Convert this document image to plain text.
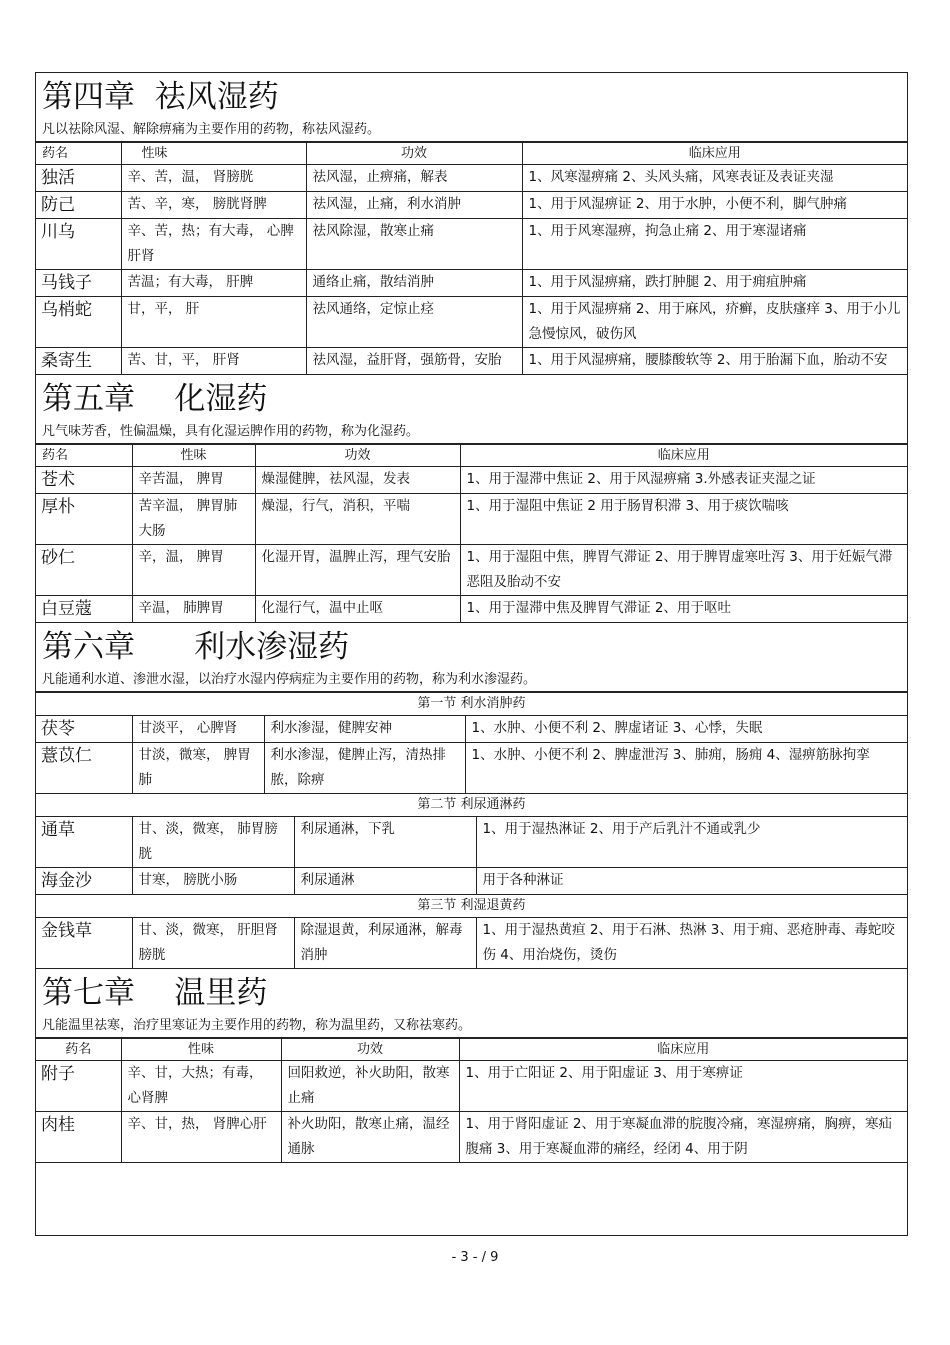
第四章  祛风湿药
凡以祛除风湿、解除痹痛为主要作用的药物，称祛风湿药。
药名	性味	功效	临床应用
独活	辛、苦，温， 肾膀胱	祛风湿，止痹痛，解表	1、风寒湿痹痛 2、头风头痛，风寒表证及表证夹湿
防己	苦、辛，寒， 膀胱肾脾	祛风湿，止痛，利水消肿	1、用于风湿痹证 2、用于水肿，小便不利，脚气肿痛
川乌	辛、苦，热；有大毒， 心脾肝肾	祛风除湿，散寒止痛	1、用于风寒湿痹，拘急止痛 2、用于寒湿诸痛
马钱子	苦温；有大毒， 肝脾	通络止痛，散结消肿	1、用于风湿痹痛，跌打肿腿 2、用于痈疽肿痛
乌梢蛇	甘，平， 肝	祛风通络，定惊止痉	1、用于风湿痹痛 2、用于麻风，疥癣，皮肤瘙痒 3、用于小儿急慢惊风，破伤风
桑寄生	苦、甘，平， 肝肾	祛风湿，益肝肾，强筋骨，安胎	1、用于风湿痹痛，腰膝酸软等 2、用于胎漏下血，胎动不安
第五章    化湿药
凡气味芳香，性偏温燥，具有化湿运脾作用的药物，称为化湿药。
药名	性味	功效	临床应用
苍术	辛苦温， 脾胃	燥湿健脾，祛风湿，发表	1、用于湿滞中焦证 2、用于风湿痹痛 3.外感表证夹湿之证
厚朴	苦辛温， 脾胃肺大肠	燥湿，行气，消积，平喘	1、用于湿阻中焦证 2 用于肠胃积滞 3、用于痰饮喘咳
砂仁	辛，温， 脾胃	化湿开胃，温脾止泻，理气安胎	1、用于湿阻中焦，脾胃气滞证 2、用于脾胃虚寒吐泻 3、用于妊娠气滞恶阻及胎动不安
白豆蔻	辛温， 肺脾胃	化湿行气，温中止呕	1、用于湿滞中焦及脾胃气滞证 2、用于呕吐
第六章      利水渗湿药
凡能通利水道、渗泄水湿，以治疗水湿内停病症为主要作用的药物，称为利水渗湿药。
第一节 利水消肿药			
茯苓	甘淡平， 心脾肾	利水渗湿，健脾安神	1、水肿、小便不利 2、脾虚诸证 3、心悸，失眠
薏苡仁	甘淡，微寒， 脾胃肺	利水渗湿，健脾止泻，清热排脓，除痹	1、水肿、小便不利 2、脾虚泄泻 3、肺痈，肠痈 4、湿痹筋脉拘挛
第二节 利尿通淋药			
通草	甘、淡，微寒， 肺胃膀胱	利尿通淋，下乳	1、用于湿热淋证 2、用于产后乳汁不通或乳少
海金沙	甘寒， 膀胱小肠	利尿通淋	用于各种淋证
第三节 利湿退黄药			
金钱草	甘、淡，微寒， 肝胆肾膀胱	除湿退黄，利尿通淋，解毒消肿	1、用于湿热黄疸 2、用于石淋、热淋 3、用于痈、恶疮肿毒、毒蛇咬伤 4、用治烧伤，烫伤
第七章    温里药
凡能温里祛寒，治疗里寒证为主要作用的药物，称为温里药，又称祛寒药。
药名	性味	功效	临床应用
附子	辛、甘，大热；有毒， 心肾脾	回阳救逆，补火助阳，散寒止痛	1、用于亡阳证 2、用于阳虚证 3、用于寒痹证
肉桂	辛、甘，热， 肾脾心肝	补火助阳，散寒止痛，温经通脉	1、用于肾阳虚证 2、用于寒凝血滞的脘腹冷痛，寒湿痹痛，胸痹，寒疝腹痛 3、用于寒凝血滞的痛经，经闭 4、用于阴
- 3 - / 9
